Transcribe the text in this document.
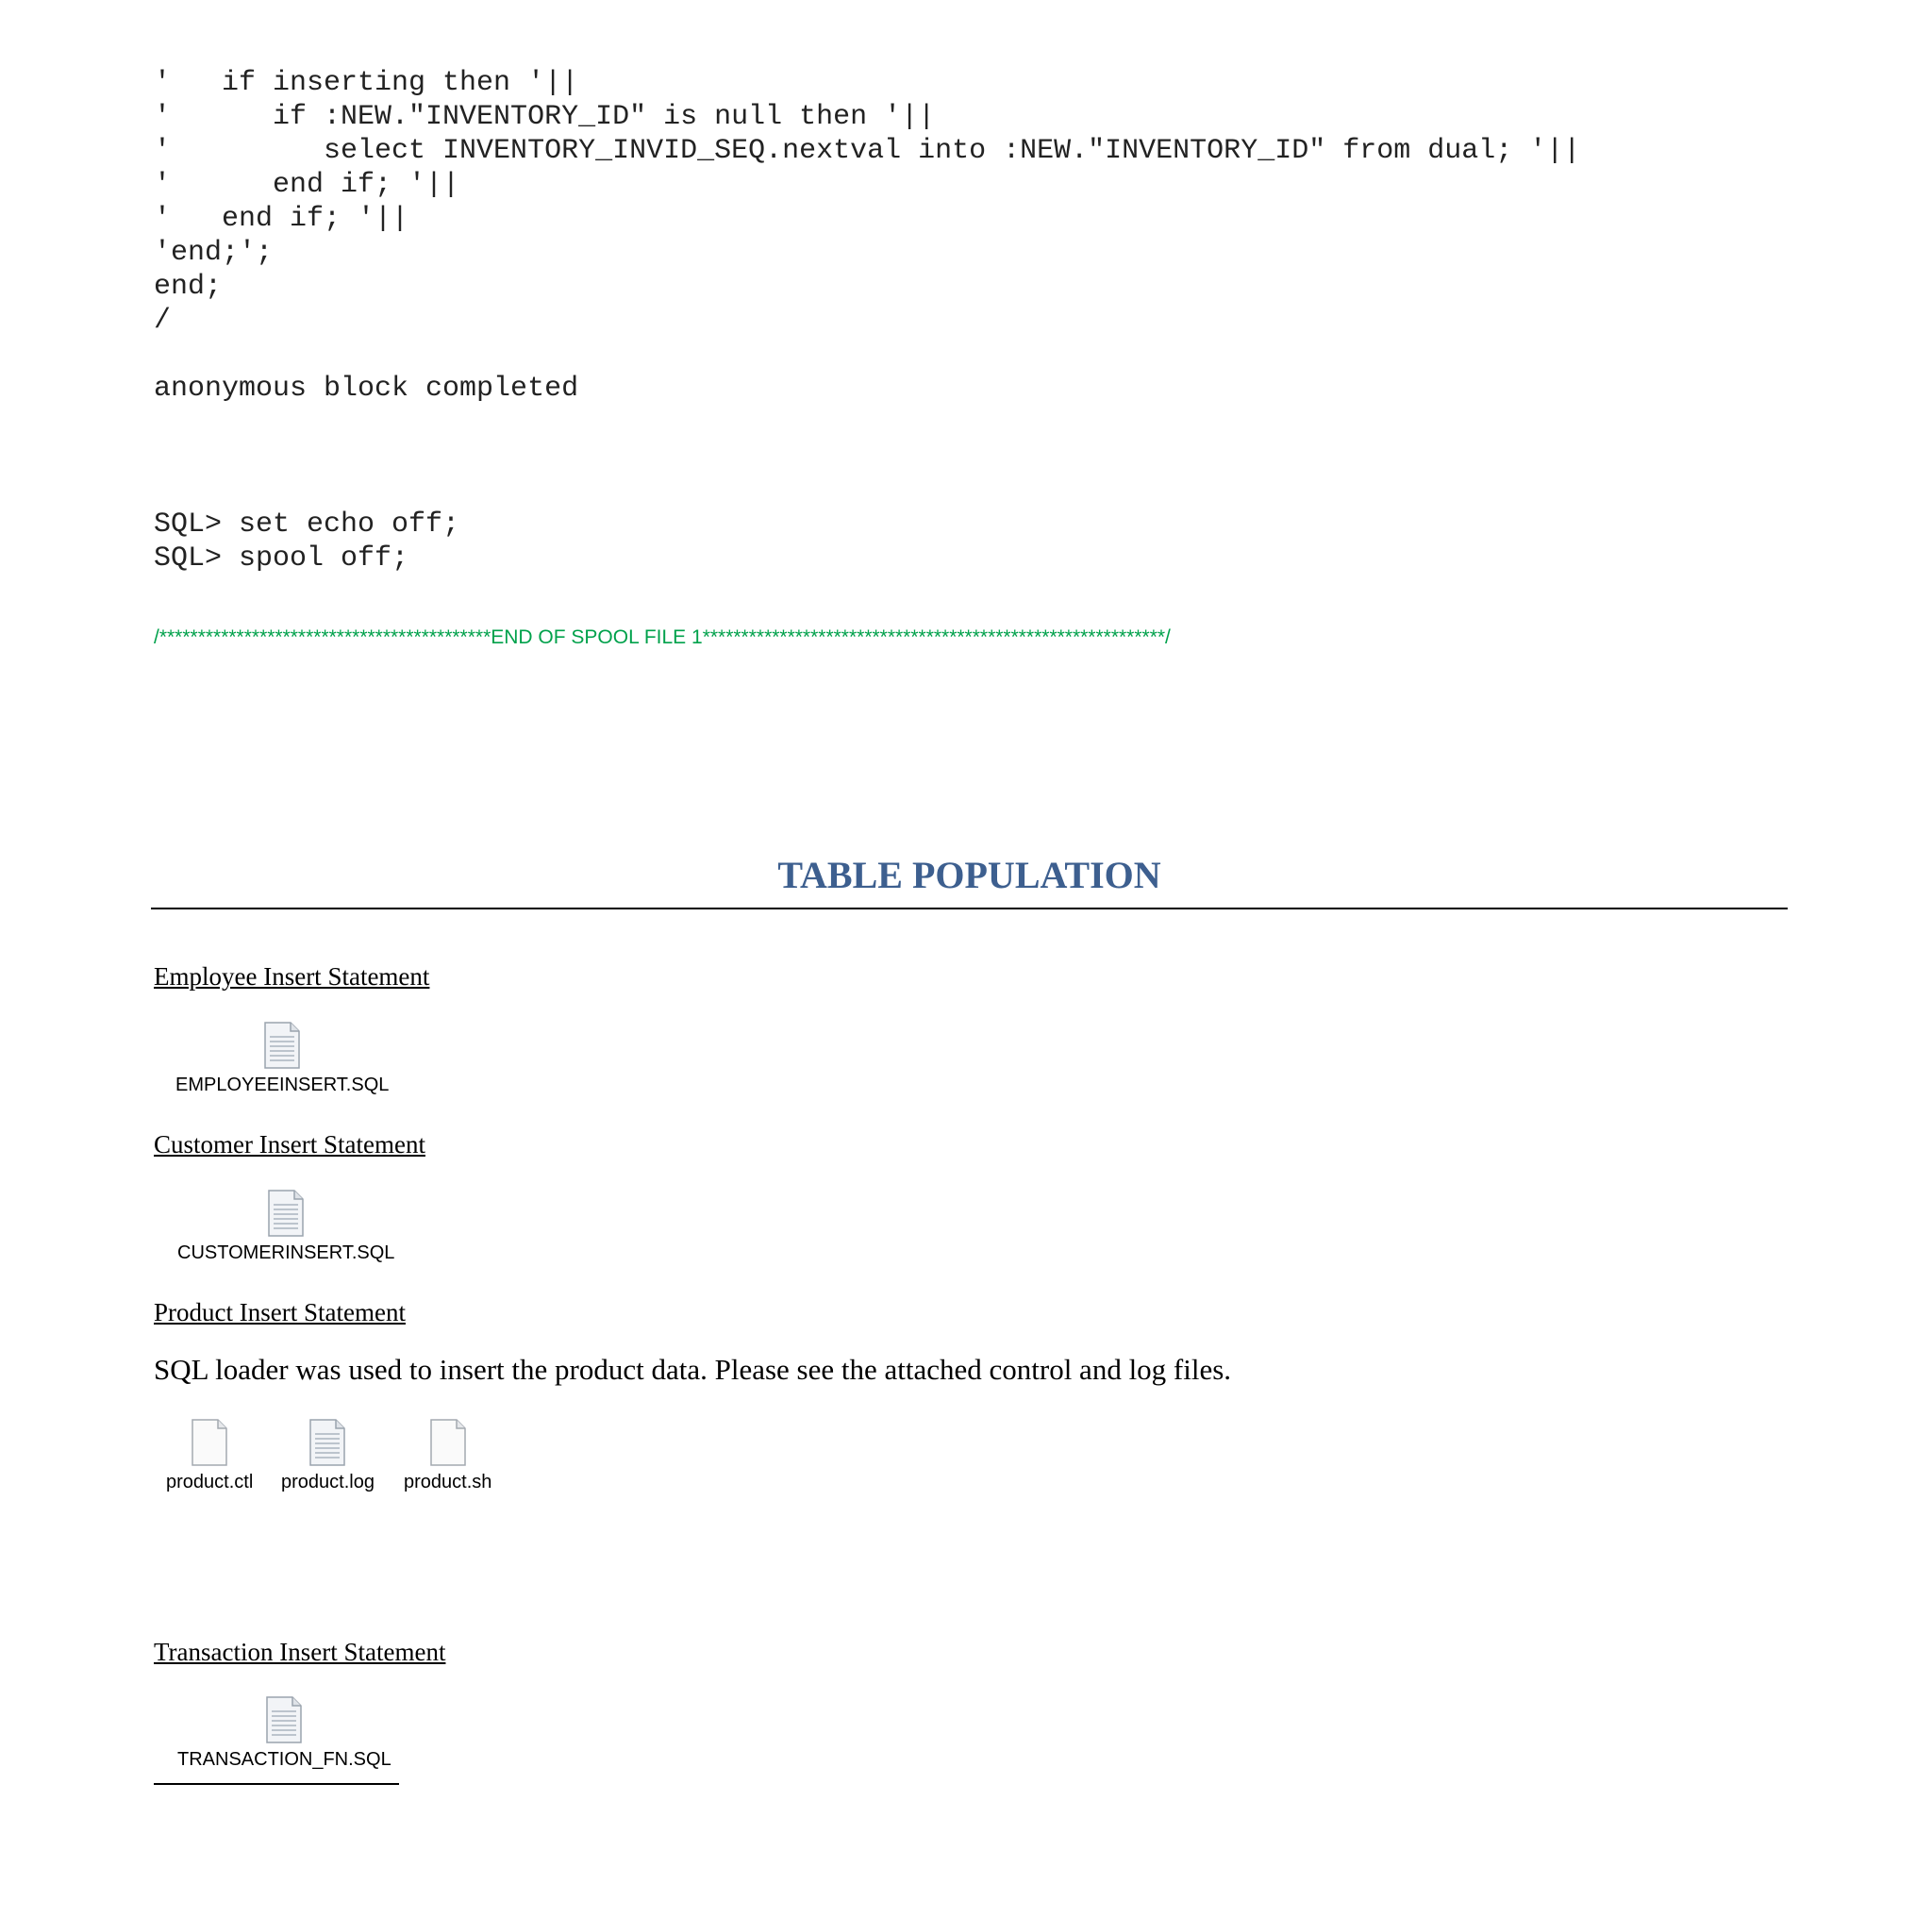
'   if inserting then '||
'      if :NEW."INVENTORY_ID" is null then '||
'         select INVENTORY_INVID_SEQ.nextval into :NEW."INVENTORY_ID" from dual; '||
'      end if; '||
'   end if; '||
'end;';
end;
/
anonymous block completed
SQL> set echo off;
SQL> spool off;
/*******************************************END OF SPOOL FILE 1************************************************************/
TABLE POPULATION
Employee Insert Statement
EMPLOYEEINSERT.SQL
Customer Insert Statement
CUSTOMERINSERT.SQL
Product Insert Statement
SQL loader was used to insert the product data. Please see the attached control and log files.
product.ctl product.log product.sh
Transaction Insert Statement
TRANSACTION_FN.SQL
